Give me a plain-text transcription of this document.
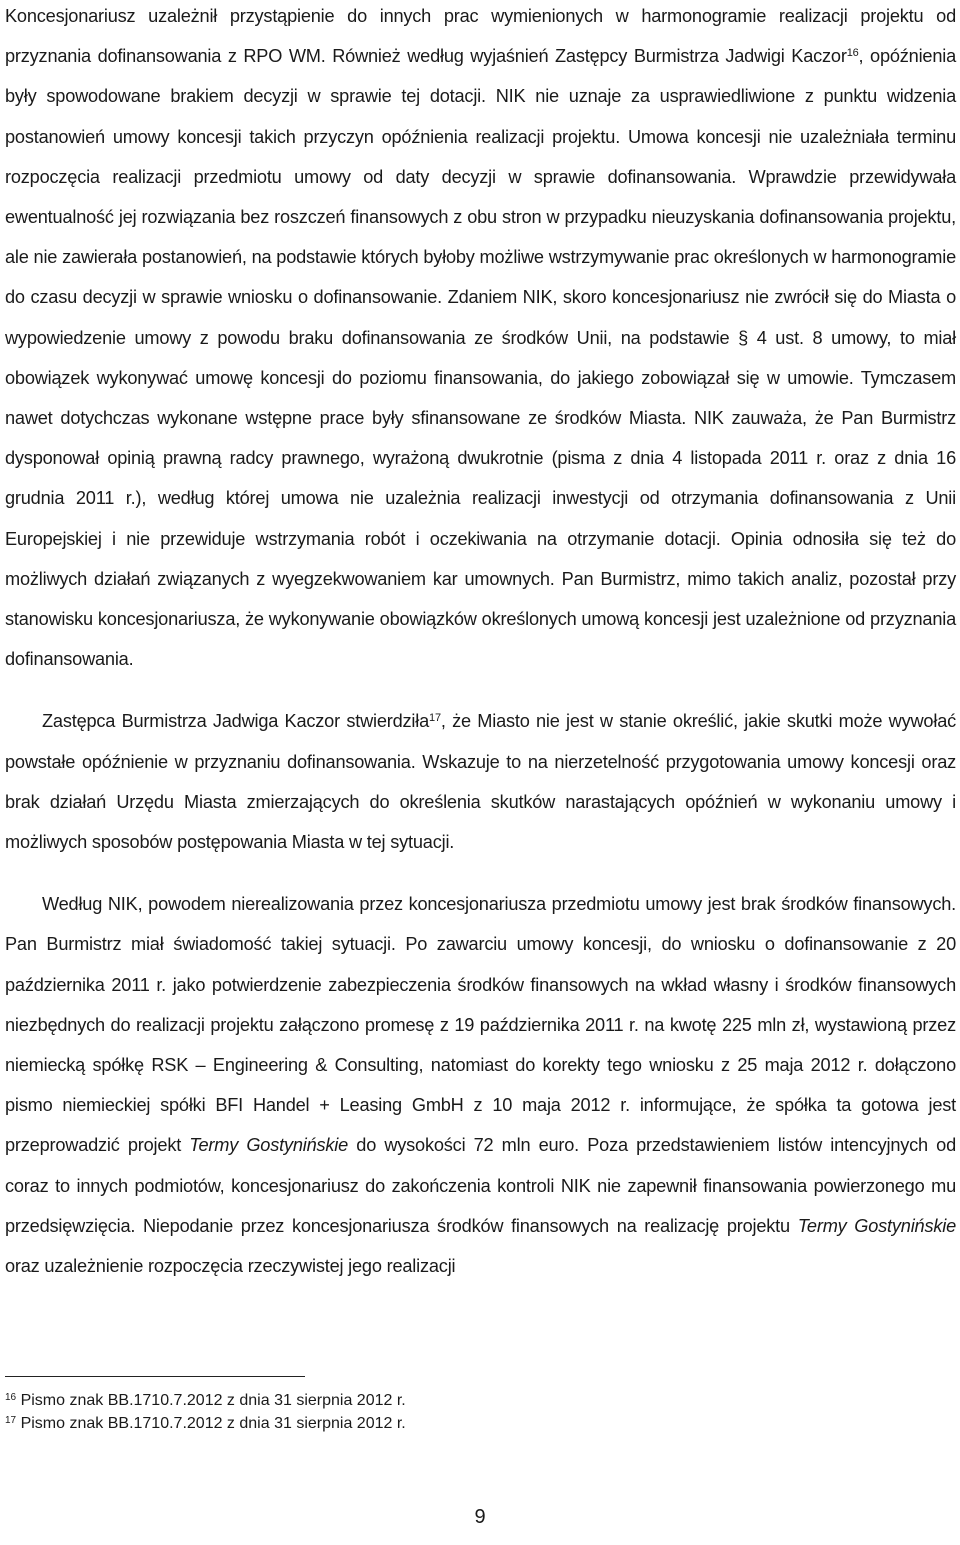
Koncesjonariusz uzależnił przystąpienie do innych prac wymienionych w harmonogramie realizacji projektu od przyznania dofinansowania z RPO WM. Również według wyjaśnień Zastępcy Burmistrza Jadwigi Kaczor$^{16}$, opóźnienia były spowodowane brakiem decyzji w sprawie tej dotacji. NIK nie uznaje za usprawiedliwione z punktu widzenia postanowień umowy koncesji takich przyczyn opóźnienia realizacji projektu. Umowa koncesji nie uzależniała terminu rozpoczęcia realizacji przedmiotu umowy od daty decyzji w sprawie dofinansowania. Wprawdzie przewidywała ewentualność jej rozwiązania bez roszczeń finansowych z obu stron w przypadku nieuzyskania dofinansowania projektu, ale nie zawierała postanowień, na podstawie których byłoby możliwe wstrzymywanie prac określonych w harmonogramie do czasu decyzji w sprawie wniosku o dofinansowanie. Zdaniem NIK, skoro koncesjonariusz nie zwrócił się do Miasta o wypowiedzenie umowy z powodu braku dofinansowania ze środków Unii, na podstawie § 4 ust. 8 umowy, to miał obowiązek wykonywać umowę koncesji do poziomu finansowania, do jakiego zobowiązał się w umowie. Tymczasem nawet dotychczas wykonane wstępne prace były sfinansowane ze środków Miasta. NIK zauważa, że Pan Burmistrz dysponował opinią prawną radcy prawnego, wyrażoną dwukrotnie (pisma z dnia 4 listopada 2011 r. oraz z dnia 16 grudnia 2011 r.), według której umowa nie uzależnia realizacji inwestycji od otrzymania dofinansowania z Unii Europejskiej i nie przewiduje wstrzymania robót i oczekiwania na otrzymanie dotacji. Opinia odnosiła się też do możliwych działań związanych z wyegzekwowaniem kar umownych. Pan Burmistrz, mimo takich analiz, pozostał przy stanowisku koncesjonariusza, że wykonywanie obowiązków określonych umową koncesji jest uzależnione od przyznania dofinansowania.

Zastępca Burmistrza Jadwiga Kaczor stwierdziła$^{17}$, że Miasto nie jest w stanie określić, jakie skutki może wywołać powstałe opóźnienie w przyznaniu dofinansowania. Wskazuje to na nierzetelność przygotowania umowy koncesji oraz brak działań Urzędu Miasta zmierzających do określenia skutków narastających opóźnień w wykonaniu umowy i możliwych sposobów postępowania Miasta w tej sytuacji.

Według NIK, powodem nierealizowania przez koncesjonariusza przedmiotu umowy jest brak środków finansowych. Pan Burmistrz miał świadomość takiej sytuacji. Po zawarciu umowy koncesji, do wniosku o dofinansowanie z 20 października 2011 r. jako potwierdzenie zabezpieczenia środków finansowych na wkład własny i środków finansowych niezbędnych do realizacji projektu załączono promesę z 19 października 2011 r. na kwotę 225 mln zł, wystawioną przez niemiecką spółkę RSK – Engineering & Consulting, natomiast do korekty tego wniosku z 25 maja 2012 r. dołączono pismo niemieckiej spółki BFI Handel + Leasing GmbH z 10 maja 2012 r. informujące, że spółka ta gotowa jest przeprowadzić projekt Termy Gostynińskie do wysokości 72 mln euro. Poza przedstawieniem listów intencyjnych od coraz to innych podmiotów, koncesjonariusz do zakończenia kontroli NIK nie zapewnił finansowania powierzonego mu przedsięwzięcia. Niepodanie przez koncesjonariusza środków finansowych na realizację projektu Termy Gostynińskie oraz uzależnienie rozpoczęcia rzeczywistej jego realizacji

$^{16}$ Pismo znak BB.1710.7.2012 z dnia 31 sierpnia 2012 r.

$^{17}$ Pismo znak BB.1710.7.2012 z dnia 31 sierpnia 2012 r.

9
